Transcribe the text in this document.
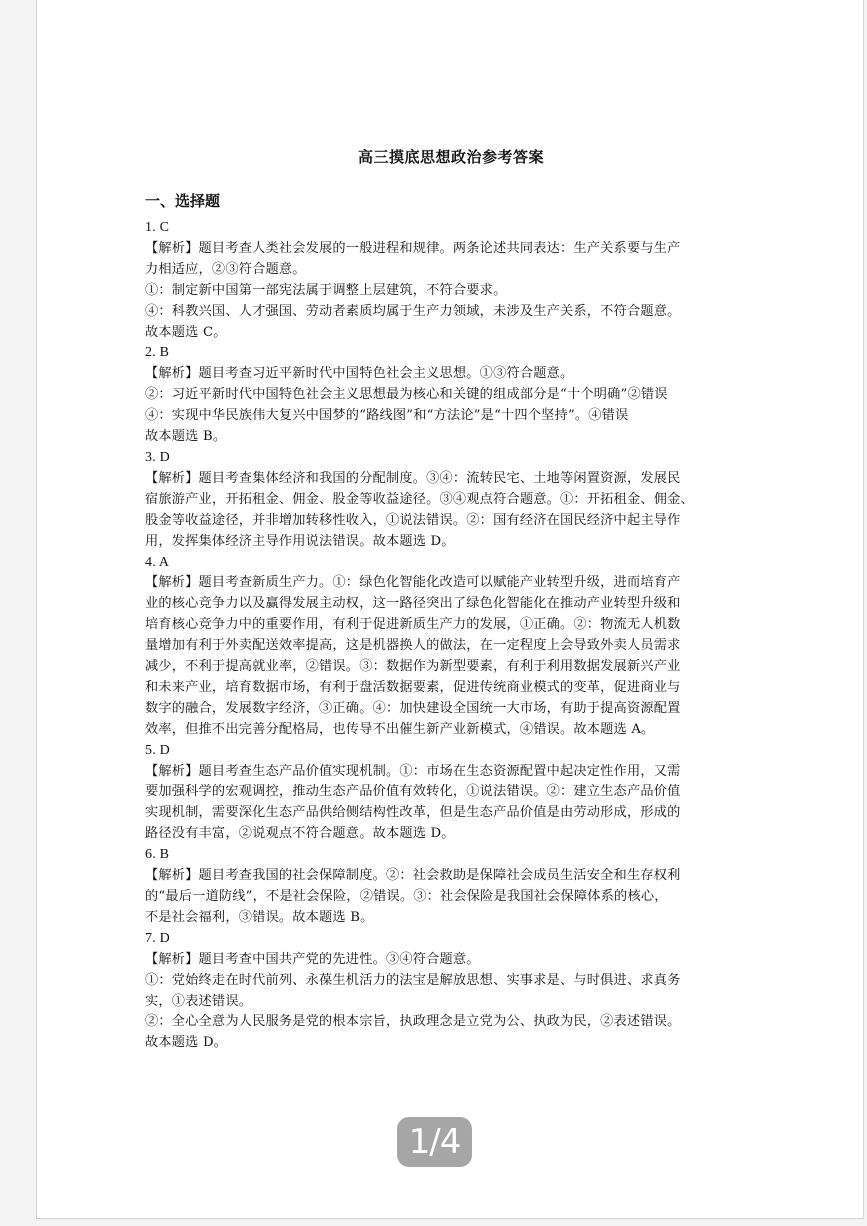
高三摸底思想政治参考答案
一、选择题
1. C
【解析】题目考查人类社会发展的一般进程和规律。两条论述共同表达：生产关系要与生产
力相适应，②③符合题意。
①：制定新中国第一部宪法属于调整上层建筑，不符合要求。
④：科教兴国、人才强国、劳动者素质均属于生产力领域，未涉及生产关系，不符合题意。
故本题选 C。
2. B
【解析】题目考查习近平新时代中国特色社会主义思想。①③符合题意。
②：习近平新时代中国特色社会主义思想最为核心和关键的组成部分是“十个明确”②错误
④：实现中华民族伟大复兴中国梦的“路线图”和“方法论”是“十四个坚持”。④错误
故本题选 B。
3. D
【解析】题目考查集体经济和我国的分配制度。③④：流转民宅、土地等闲置资源，发展民
宿旅游产业，开拓租金、佣金、股金等收益途径。③④观点符合题意。①：开拓租金、佣金、
股金等收益途径，并非增加转移性收入，①说法错误。②：国有经济在国民经济中起主导作
用，发挥集体经济主导作用说法错误。故本题选 D。
4. A
【解析】题目考查新质生产力。①：绿色化智能化改造可以赋能产业转型升级，进而培育产
业的核心竞争力以及赢得发展主动权，这一路径突出了绿色化智能化在推动产业转型升级和
培育核心竞争力中的重要作用，有利于促进新质生产力的发展，①正确。②：物流无人机数
量增加有利于外卖配送效率提高，这是机器换人的做法，在一定程度上会导致外卖人员需求
减少，不利于提高就业率，②错误。③：数据作为新型要素，有利于利用数据发展新兴产业
和未来产业，培育数据市场，有利于盘活数据要素，促进传统商业模式的变革，促进商业与
数字的融合，发展数字经济，③正确。④：加快建设全国统一大市场，有助于提高资源配置
效率，但推不出完善分配格局，也传导不出催生新产业新模式，④错误。故本题选 A。
5. D
【解析】题目考查生态产品价值实现机制。①：市场在生态资源配置中起决定性作用，又需
要加强科学的宏观调控，推动生态产品价值有效转化，①说法错误。②：建立生态产品价值
实现机制，需要深化生态产品供给侧结构性改革，但是生态产品价值是由劳动形成，形成的
路径没有丰富，②说观点不符合题意。故本题选 D。
6. B
【解析】题目考查我国的社会保障制度。②：社会救助是保障社会成员生活安全和生存权利
的“最后一道防线”，不是社会保险，②错误。③：社会保险是我国社会保障体系的核心，
不是社会福利，③错误。故本题选 B。
7. D
【解析】题目考查中国共产党的先进性。③④符合题意。
①：党始终走在时代前列、永葆生机活力的法宝是解放思想、实事求是、与时俱进、求真务
实，①表述错误。
②：全心全意为人民服务是党的根本宗旨，执政理念是立党为公、执政为民，②表述错误。
故本题选 D。
1/4
